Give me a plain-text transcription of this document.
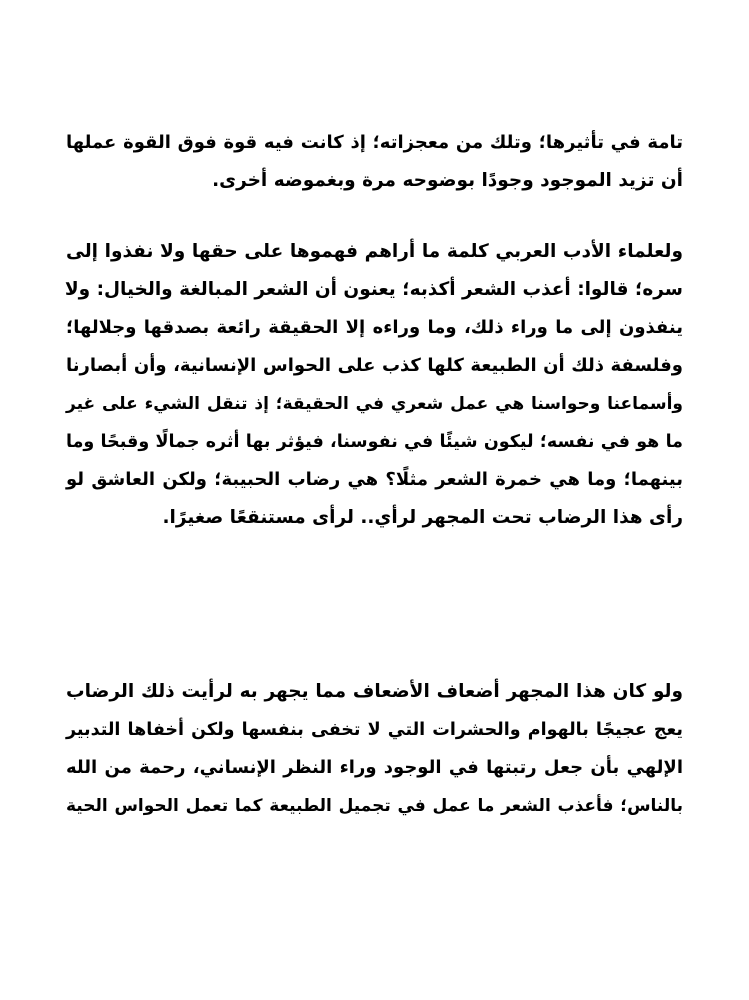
تامة في تأثيرها؛ وتلك من معجزاته؛ إذ كانت فيه قوة فوق القوة عملها
أن تزيد الموجود وجودًا بوضوحه مرة وبغموضه أخرى.

ولعلماء الأدب العربي كلمة ما أراهم فهموها على حقها ولا نفذوا إلى
سره؛ قالوا: أعذب الشعر أكذبه؛ يعنون أن الشعر المبالغة والخيال: ولا
ينفذون إلى ما وراء ذلك، وما وراءه إلا الحقيقة رائعة بصدقها وجلالها؛
وفلسفة ذلك أن الطبيعة كلها كذب على الحواس الإنسانية، وأن أبصارنا
وأسماعنا وحواسنا هي عمل شعري في الحقيقة؛ إذ تنقل الشيء على غير
ما هو في نفسه؛ ليكون شيئًا في نفوسنا، فيؤثر بها أثره جمالًا وقبحًا وما
بينهما؛ وما هي خمرة الشعر مثلًا؟ هي رضاب الحبيبة؛ ولكن العاشق لو
رأى هذا الرضاب تحت المجهر لرأي.. لرأى مستنقعًا صغيرًا.

ولو كان هذا المجهر أضعاف الأضعاف مما يجهر به لرأيت ذلك الرضاب
يعج عجيجًا بالهوام والحشرات التي لا تخفى بنفسها ولكن أخفاها التدبير
الإلهي بأن جعل رتبتها في الوجود وراء النظر الإنساني، رحمة من الله
بالناس؛ فأعذب الشعر ما عمل في تجميل الطبيعة كما تعمل الحواس الحية
